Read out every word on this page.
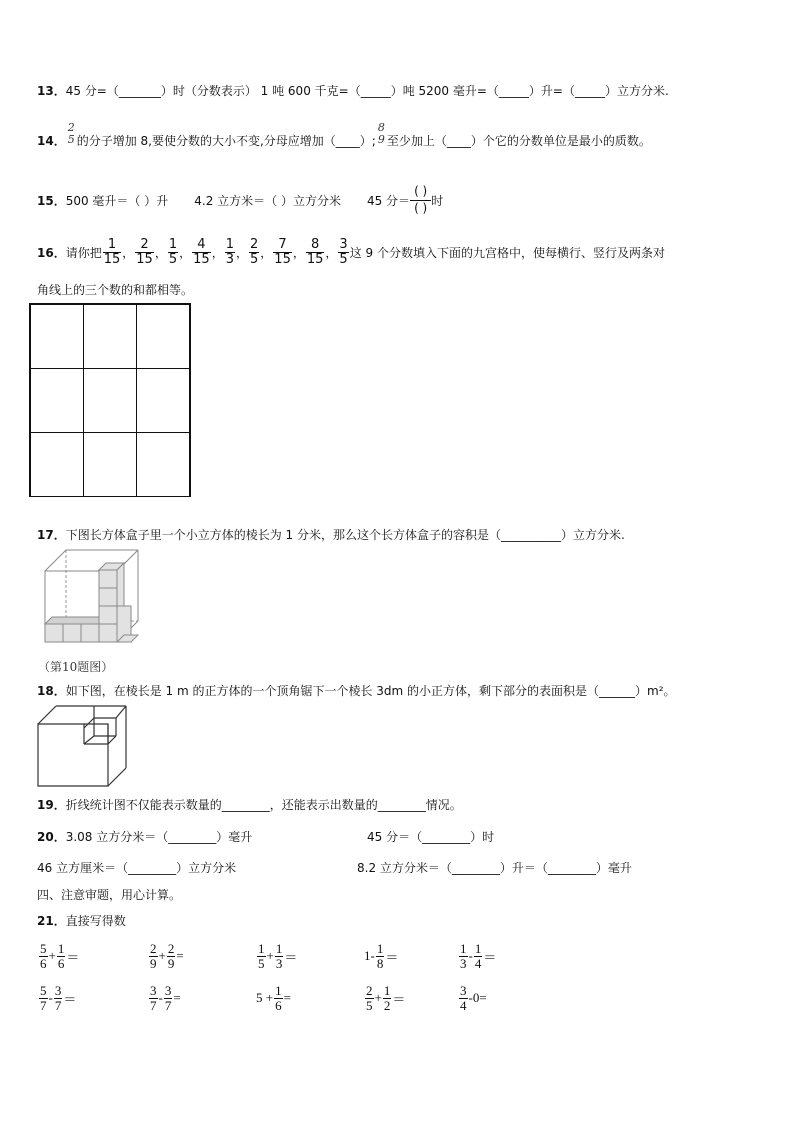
13．45 分=（_______）时（分数表示） 1 吨 600 千克=（_____）吨 5200 毫升=（_____）升=（_____）立方分米.
14．
2
5 的分子增加 8,要使分数的大小不变,分母应增加（____）;
8
9 至少加上（____）个它的分数单位是最小的质数。
15． 500 毫升＝（ ）升 4.2 立方米＝（ ）立方分米 45 分＝
( )
( ) 时
16． 请你把 $\frac{1}{15}$ ， $\frac{2}{15}$ ， $\frac{1}{5}$ ， $\frac{4}{15}$ ， $\frac{1}{3}$ ， $\frac{2}{5}$ ， $\frac{7}{15}$ ， $\frac{8}{15}$ ， $\frac{3}{5}$ 这 9 个分数填入下面的九宫格中，使每横行、竖行及两条对
角线上的三个数的和都相等。
17．下图长方体盒子里一个小立方体的棱长为 1 分米，那么这个长方体盒子的容积是（__________）立方分米.
（第10题图）
18．如下图，在棱长是 1 m 的正方体的一个顶角锯下一个棱长 3dm 的小正方体，剩下部分的表面积是（______）m²。
19．折线统计图不仅能表示数量的________，还能表示出数量的________情况。
20．3.08 立方分米＝（________）毫升	45 分＝（________）时
46 立方厘米＝（________）立方分米	8.2 立方分米＝（________）升＝（________）毫升
四、注意审题，用心计算。
21．直接写得数
$\frac{5}{6} + \frac{1}{6}$ ＝	$\frac{2}{9} + \frac{2}{9}$ =	$\frac{1}{5} + \frac{1}{3}$ ＝	$1- \frac{1}{8}$ ＝	$\frac{1}{3} - \frac{1}{4}$ ＝
$\frac{5}{7} - \frac{3}{7}$ ＝	$\frac{3}{7} - \frac{3}{7}$ =	$5 + \frac{1}{6}$ =	$\frac{2}{5} + \frac{1}{2}$ ＝	$\frac{3}{4} -0=$
